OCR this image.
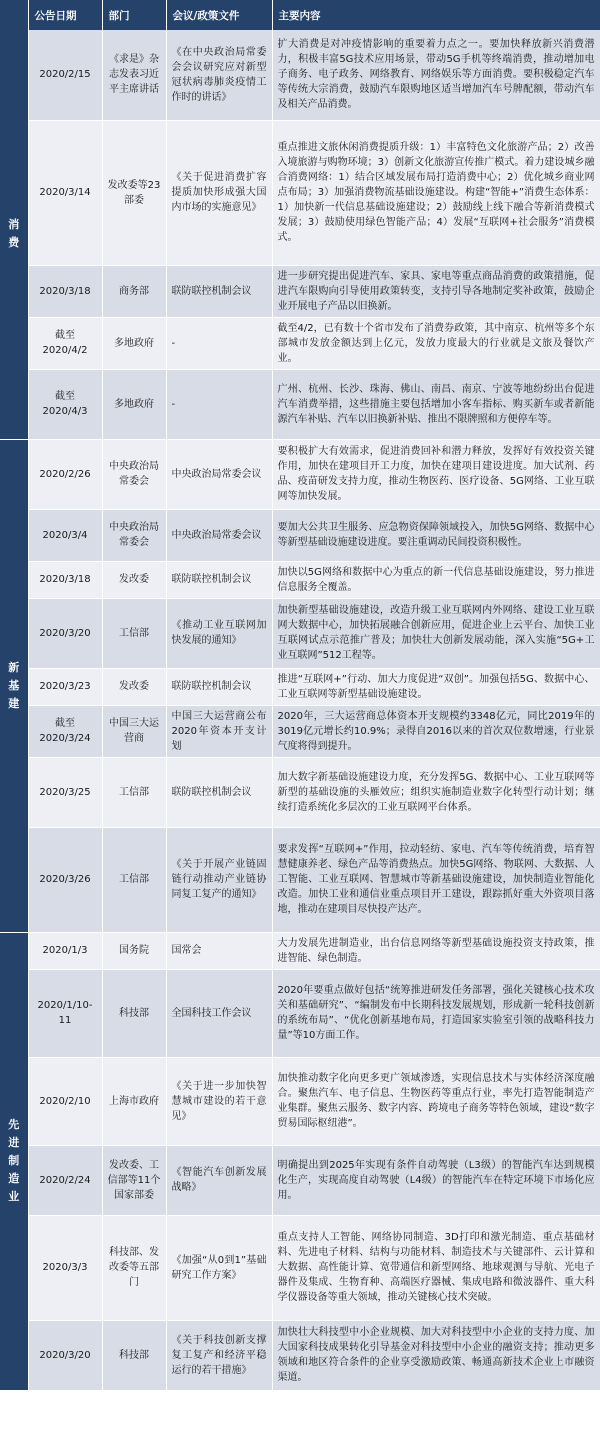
	公告日期	部门	会议/政策文件	主要内容

消
费	2020/2/15	《求是》杂志发表习近平主席讲话	《在中央政治局常委会会议研究应对新型冠状病毒肺炎疫情工作时的讲话》	扩大消费是对冲疫情影响的重要着力点之一。要加快释放新兴消费潜力，积极丰富5G技术应用场景，带动5G手机等终端消费，推动增加电子商务、电子政务、网络教育、网络娱乐等方面消费。要积极稳定汽车等传统大宗消费，鼓励汽车限购地区适当增加汽车号牌配额，带动汽车及相关产品消费。
	2020/3/14	发改委等23部委	《关于促进消费扩容提质加快形成强大国内市场的实施意见》	重点推进文旅休闲消费提质升级：1）丰富特色文化旅游产品；2）改善入境旅游与购物环境；3）创新文化旅游宣传推广模式。着力建设城乡融合消费网络：1）结合区域发展布局打造消费中心；2）优化城乡商业网点布局；3）加强消费物流基础设施建设。构建“智能+”消费生态体系：1）加快新一代信息基础设施建设；2）鼓励线上线下融合等新消费模式发展；3）鼓励使用绿色智能产品；4）发展“互联网+社会服务”消费模式。
	2020/3/18	商务部	联防联控机制会议	进一步研究提出促进汽车、家具、家电等重点商品消费的政策措施，促进汽车限购向引导使用政策转变，支持引导各地制定奖补政策，鼓励企业开展电子产品以旧换新。
	截至2020/4/2	多地政府	-	截至4/2，已有数十个省市发布了消费券政策，其中南京、杭州等多个东部城市发放金额达到上亿元，发放力度最大的行业就是文旅及餐饮产业。
	截至2020/4/3	多地政府	-	广州、杭州、长沙、珠海、佛山、南昌、南京、宁波等地纷纷出台促进汽车消费举措，这些措施主要包括增加小客车指标、购买新车或者新能源汽车补贴、汽车以旧换新补贴、推出不限牌照和方便停车等。

新
基
建	2020/2/26	中央政治局常委会	中央政治局常委会议	要积极扩大有效需求，促进消费回补和潜力释放，发挥好有效投资关键作用，加快在建项目开工力度，加快在建项目建设进度。加大试剂、药品、疫苗研发支持力度，推动生物医药、医疗设备、5G网络、工业互联网等加快发展。
	2020/3/4	中央政治局常委会	中央政治局常委会议	要加大公共卫生服务、应急物资保障领域投入，加快5G网络、数据中心等新型基础设施建设进度。要注重调动民间投资积极性。
	2020/3/18	发改委	联防联控机制会议	加快以5G网络和数据中心为重点的新一代信息基础设施建设，努力推进信息服务全覆盖。
	2020/3/20	工信部	《推动工业互联网加快发展的通知》	加快新型基础设施建设，改造升级工业互联网内外网络、建设工业互联网大数据中心，加快拓展融合创新应用，促进企业上云平台、加快工业互联网试点示范推广普及；加快壮大创新发展动能，深入实施“5G+工业互联网”512工程等。
	2020/3/23	发改委	联防联控机制会议	推进“互联网+”行动、加大力度促进“双创”。加强包括5G、数据中心、工业互联网等新型基础设施建设。
	截至2020/3/24	中国三大运营商	中国三大运营商公布2020年资本开支计划	2020年，三大运营商总体资本开支规模约3348亿元，同比2019年的3019亿元增长约10.9%；录得自2016以来的首次双位数增速，行业景气度将得到提升。
	2020/3/25	工信部	联防联控机制会议	加大数字新基础设施建设力度，充分发挥5G、数据中心、工业互联网等新型的基础设施的头雁效应；组织实施制造业数字化转型行动计划；继续打造系统化多层次的工业互联网平台体系。
	2020/3/26	工信部	《关于开展产业链固链行动推动产业链协同复工复产的通知》	要求发挥“互联网+”作用，拉动轻纺、家电、汽车等传统消费，培育智慧健康养老、绿色产品等消费热点。加快5G网络、物联网、大数据、人工智能、工业互联网、智慧城市等新基础设施建设，加快制造业智能化改造。加快工业和通信业重点项目开工建设，跟踪抓好重大外资项目落地，推动在建项目尽快投产达产。

先
进
制
造
业	2020/1/3	国务院	国常会	大力发展先进制造业，出台信息网络等新型基础设施投资支持政策，推进智能、绿色制造。
	2020/1/10-11	科技部	全国科技工作会议	2020年要重点做好包括“统筹推进研发任务部署，强化关键核心技术攻关和基础研究”、“编制发布中长期科技发展规划，形成新一轮科技创新的系统布局”、“优化创新基地布局，打造国家实验室引领的战略科技力量”等10方面工作。
	2020/2/10	上海市政府	《关于进一步加快智慧城市建设的若干意见》	加快推动数字化向更多更广领域渗透，实现信息技术与实体经济深度融合。聚焦汽车、电子信息、生物医药等重点行业，率先打造智能制造产业集群。聚焦云服务、数字内容、跨境电子商务等特色领域，建设“数字贸易国际枢纽港”。
	2020/2/24	发改委、工信部等11个国家部委	《智能汽车创新发展战略》	明确提出到2025年实现有条件自动驾驶（L3级）的智能汽车达到规模化生产，实现高度自动驾驶（L4级）的智能汽车在特定环境下市场化应用。
	2020/3/3	科技部、发改委等五部门	《加强“从0到1”基础研究工作方案》	重点支持人工智能、网络协同制造、3D打印和激光制造、重点基础材料、先进电子材料、结构与功能材料、制造技术与关键部件、云计算和大数据、高性能计算、宽带通信和新型网络、地球观测与导航、光电子器件及集成、生物育种、高端医疗器械、集成电路和微波器件、重大科学仪器设备等重大领域，推动关键核心技术突破。
	2020/3/20	科技部	《关于科技创新支撑复工复产和经济平稳运行的若干措施》	加快壮大科技型中小企业规模、加大对科技型中小企业的支持力度、加大国家科技成果转化引导基金对科技型中小企业的融资支持；推动更多领域和地区符合条件的企业享受激励政策、畅通高新技术企业上市融资渠道。
